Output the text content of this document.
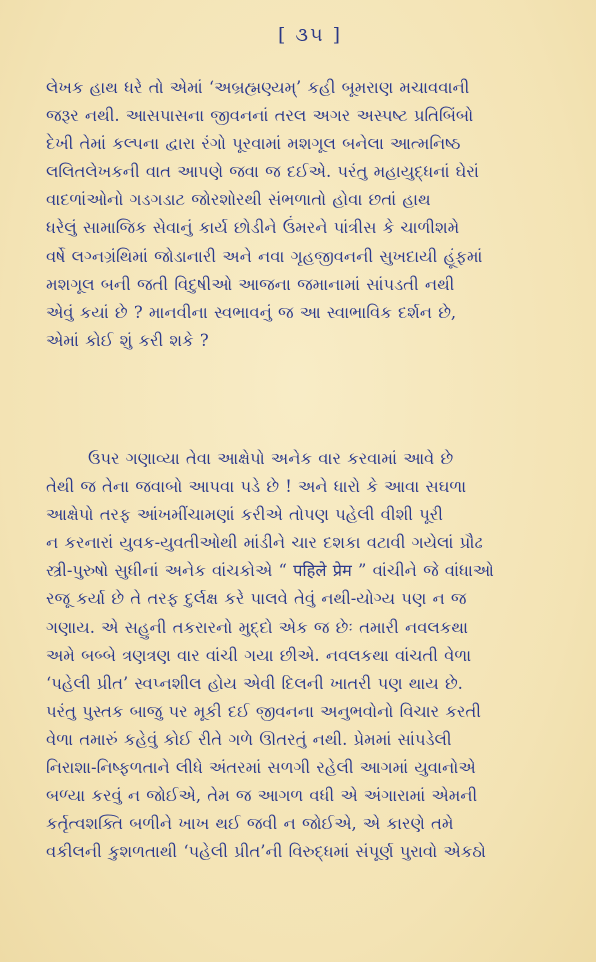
[ ૩૫ ]

લેખક હાથ ધરે તો એમાં ‘અબ્રહ્મણ્યમ્’ કહી બૂમરાણ મચાવવાની
જરૂર નથી. આસપાસના જીવનનાં તરલ અગર અસ્પષ્ટ પ્રતિબિંબો
દેખી તેમાં કલ્પના દ્વારા રંગો પૂરવામાં મશગૂલ બનેલા આત્મનિષ્ઠ
લલિતલેખકની વાત આપણે જવા જ દઈએ. પરંતુ મહાયુદ્ધનાં ઘેરાં
વાદળાંઓનો ગડગડાટ જોરશોરથી સંભળાતો હોવા છતાં હાથ
ધરેલું સામાજિક સેવાનું કાર્ય છોડીને ઉંમરને પાંત્રીસ કે ચાળીશમે
વર્ષે લગ્નગ્રંથિમાં જોડાનારી અને નવા ગૃહજીવનની સુખદાયી હૂંફમાં
મશગૂલ બની જતી વિદુષીઓ આજના જમાનામાં સાંપડતી નથી
એવું કયાં છે ? માનવીના સ્વભાવનું જ આ સ્વાભાવિક દર્શન છે,
એમાં કોઈ શું કરી શકે ?

ઉપર ગણાવ્યા તેવા આક્ષેપો અનેક વાર કરવામાં આવે છે
તેથી જ તેના જવાબો આપવા પડે છે ! અને ધારો કે આવા સઘળા
આક્ષેપો તરફ આંખમીંચામણાં કરીએ તોપણ પહેલી વીશી પૂરી
ન કરનારાં યુવક-યુવતીઓથી માંડીને ચાર દશકા વટાવી ગયેલાં પ્રૌઢ
સ્ત્રી-પુરુષો સુધીનાં અનેક વાંચકોએ “ पहिले प्रेम ” વાંચીને જે વાંધાઓ
રજૂ કર્યા છે તે તરફ દુર્લક્ષ કરે પાલવે તેવું નથી-યોગ્ય પણ ન જ
ગણાય. એ સહુની તકરારનો મુદ્દો એક જ છેઃ તમારી નવલકથા
અમે બબ્બે ત્રણત્રણ વાર વાંચી ગયા છીએ. નવલકથા વાંચતી વેળા
‘પહેલી પ્રીત’ સ્વપ્નશીલ હોય એવી દિલની ખાતરી પણ થાય છે.
પરંતુ પુસ્તક બાજુ પર મૂકી દઈ જીવનના અનુભવોનો વિચાર કરતી
વેળા તમારું કહેવું કોઈ રીતે ગળે ઊતરતું નથી. પ્રેમમાં સાંપડેલી
નિરાશા-નિષ્ફળતાને લીધે અંતરમાં સળગી રહેલી આગમાં યુવાનોએ
બળ્યા કરવું ન જોઈએ, તેમ જ આગળ વધી એ અંગારામાં એમની
કર્તૃત્વશક્તિ બળીને ખાખ થઈ જવી ન જોઈએ, એ કારણે તમે
વકીલની કુશળતાથી ‘પહેલી પ્રીત’ની વિરુદ્ધમાં સંપૂર્ણ પુરાવો એકઠો
